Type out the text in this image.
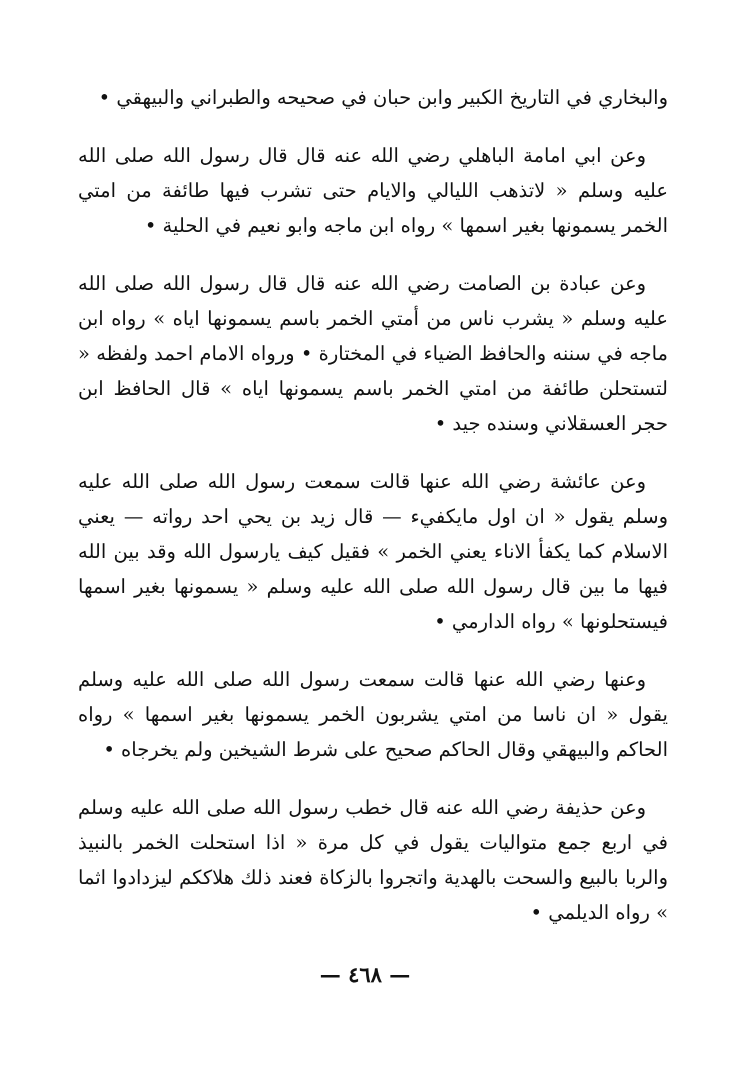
والبخاري في التاريخ الكبير وابن حبان في صحيحه والطبراني والبيهقي •

وعن ابي امامة الباهلي رضي الله عنه قال قال رسول الله صلى الله عليه وسلم « لاتذهب الليالي والايام حتى تشرب فيها طائفة من امتي الخمر يسمونها بغير اسمها » رواه ابن ماجه وابو نعيم في الحلية •

وعن عبادة بن الصامت رضي الله عنه قال قال رسول الله صلى الله عليه وسلم « يشرب ناس من أمتي الخمر باسم يسمونها اياه » رواه ابن ماجه في سننه والحافظ الضياء في المختارة • ورواه الامام احمد ولفظه « لتستحلن طائفة من امتي الخمر باسم يسمونها اياه » قال الحافظ ابن حجر العسقلاني وسنده جيد •

وعن عائشة رضي الله عنها قالت سمعت رسول الله صلى الله عليه وسلم يقول « ان اول مايكفيء — قال زيد بن يحي احد رواته — يعني الاسلام كما يكفأ الاناء يعني الخمر » فقيل كيف يارسول الله وقد بين الله فيها ما بين قال رسول الله صلى الله عليه وسلم « يسمونها بغير اسمها فيستحلونها » رواه الدارمي •

وعنها رضي الله عنها قالت سمعت رسول الله صلى الله عليه وسلم يقول « ان ناسا من امتي يشربون الخمر يسمونها بغير اسمها » رواه الحاكم والبيهقي وقال الحاكم صحيح على شرط الشيخين ولم يخرجاه •

وعن حذيفة رضي الله عنه قال خطب رسول الله صلى الله عليه وسلم في اربع جمع متواليات يقول في كل مرة « اذا استحلت الخمر بالنبيذ والربا بالبيع والسحت بالهدية واتجروا بالزكاة فعند ذلك هلاككم ليزدادوا اثما » رواه الديلمي •

— ٤٦٨ —
